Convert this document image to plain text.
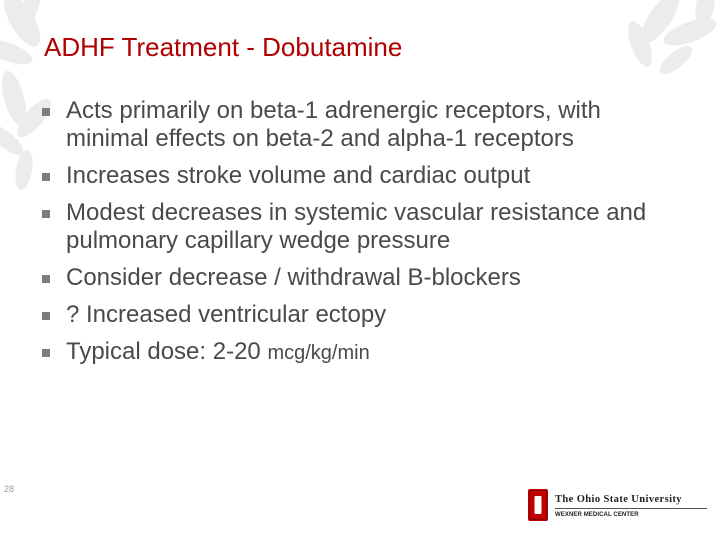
ADHF Treatment - Dobutamine
Acts primarily on beta-1 adrenergic receptors, with minimal effects on beta-2 and alpha-1 receptors
Increases stroke volume and cardiac output
Modest decreases in systemic vascular resistance and pulmonary capillary wedge pressure
Consider decrease / withdrawal B-blockers
? Increased ventricular ectopy
Typical dose: 2-20 mcg/kg/min
28
The Ohio State University
WEXNER MEDICAL CENTER
